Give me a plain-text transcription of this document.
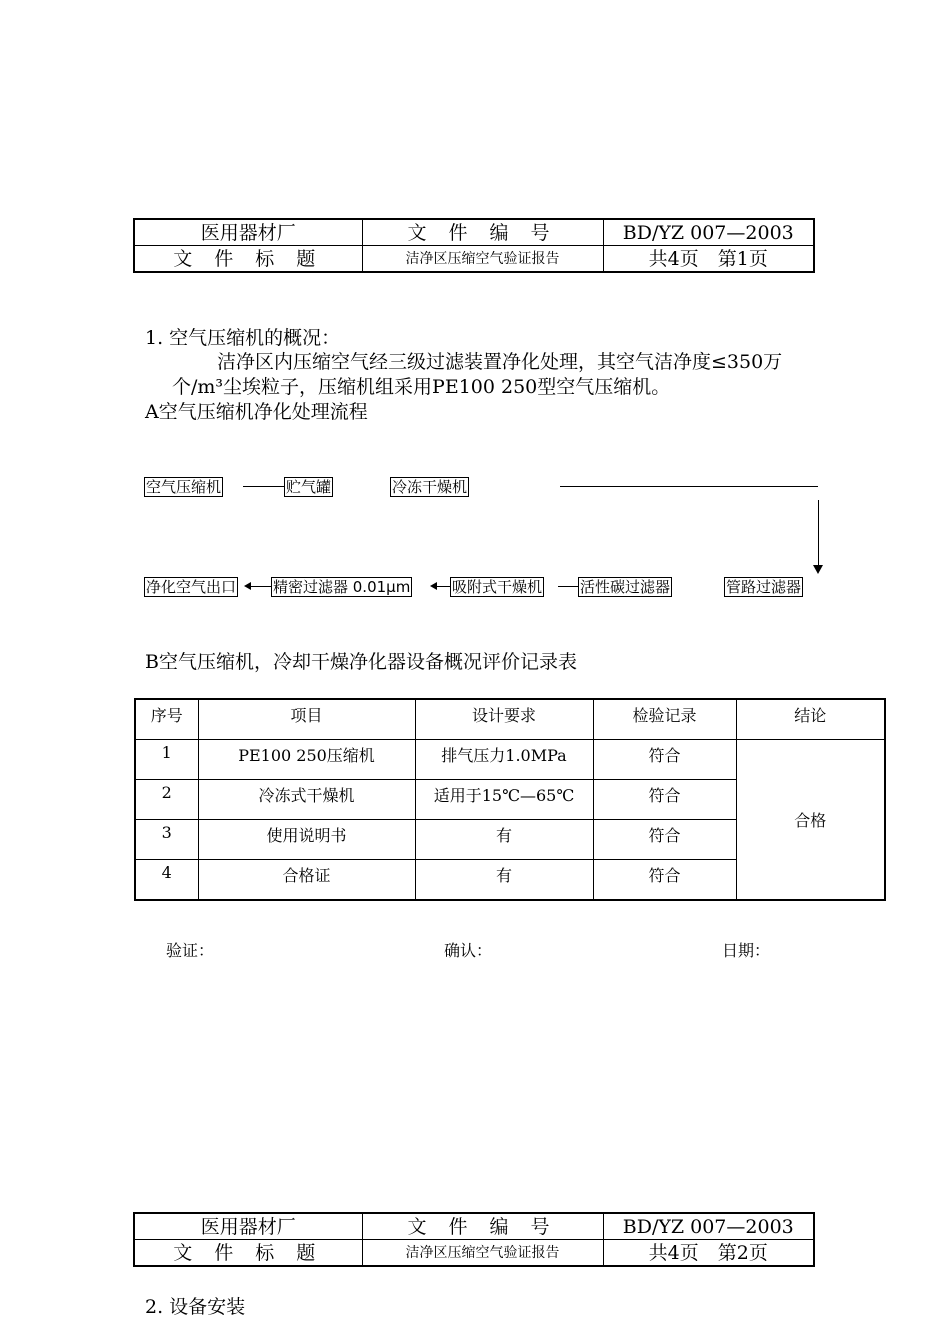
医用器材厂	文 件 编 号	BD/YZ 007—2003
文 件 标 题	洁净区压缩空气验证报告	共4页　第1页
1. 空气压缩机的概况：
洁净区内压缩空气经三级过滤装置净化处理，其空气洁净度≤350万
个/m³尘埃粒子，压缩机组采用PE100 250型空气压缩机。
A空气压缩机净化处理流程
空气压缩机	贮气罐	冷冻干燥机
管路过滤器
活性碳过滤器
吸附式干燥机
精密过滤器 0.01μm
净化空气出口
B空气压缩机，冷却干燥净化器设备概况评价记录表
序号	项目	设计要求	检验记录	结论
1	PE100 250压缩机	排气压力1.0MPa	符合	合格
2	冷冻式干燥机	适用于15℃—65℃	符合	
3	使用说明书	有	符合	
4	合格证	有	符合	
验证：	确认：	日期：
医用器材厂	文 件 编 号	BD/YZ 007—2003
文 件 标 题	洁净区压缩空气验证报告	共4页　第2页
2. 设备安装
